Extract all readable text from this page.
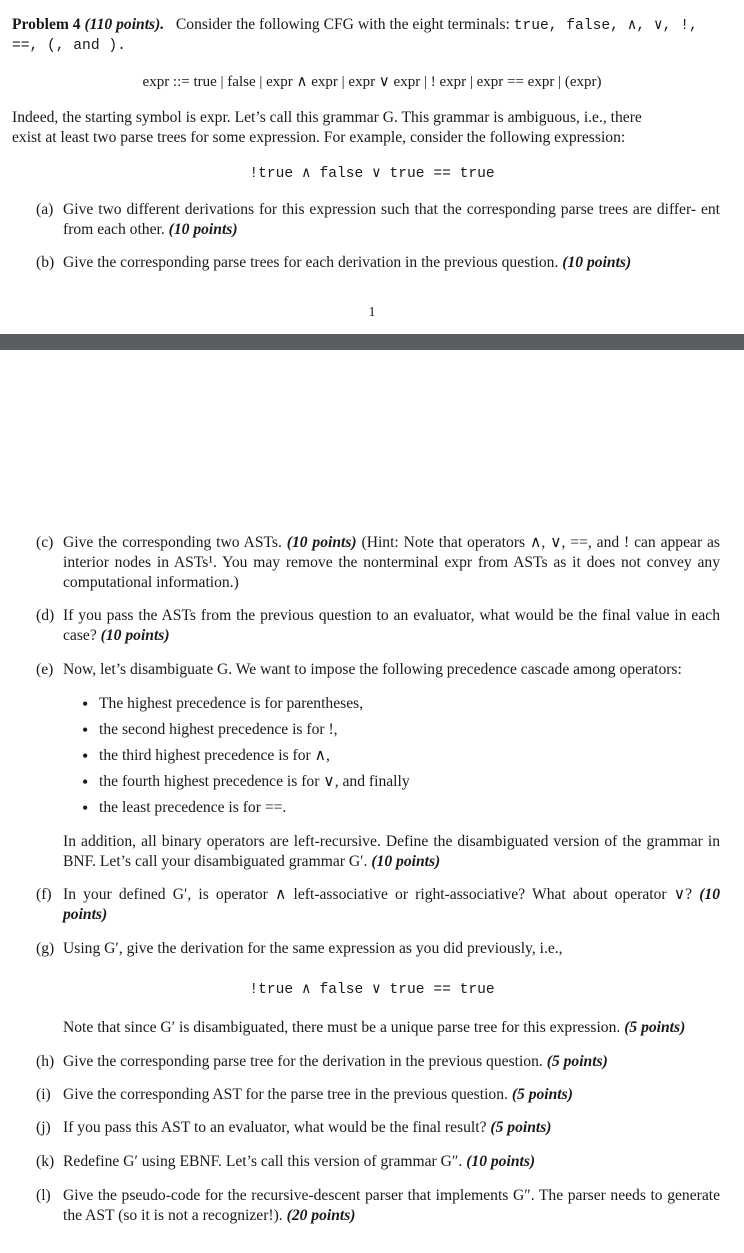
Problem 4 (110 points). Consider the following CFG with the eight terminals: true, false, ∧, ∨, !,
==, (, and ).
expr ::= true | false | expr ∧ expr | expr ∨ expr | ! expr | expr == expr | (expr)
Indeed, the starting symbol is expr. Let’s call this grammar G. This grammar is ambiguous, i.e., there
exist at least two parse trees for some expression. For example, consider the following expression:
!true ∧ false ∨ true == true
(a) Give two different derivations for this expression such that the corresponding parse trees are differ- ent from each other. (10 points)
(b) Give the corresponding parse trees for each derivation in the previous question. (10 points)
1
(c) Give the corresponding two ASTs. (10 points) (Hint: Note that operators ∧, ∨, ==, and ! can appear as interior nodes in ASTs¹. You may remove the nonterminal expr from ASTs as it does not convey any computational information.)
(d) If you pass the ASTs from the previous question to an evaluator, what would be the final value in each case? (10 points)
(e) Now, let’s disambiguate G. We want to impose the following precedence cascade among operators:
• The highest precedence is for parentheses,
• the second highest precedence is for !,
• the third highest precedence is for ∧,
• the fourth highest precedence is for ∨, and finally
• the least precedence is for ==.
In addition, all binary operators are left-recursive. Define the disambiguated version of the grammar in BNF. Let’s call your disambiguated grammar G′. (10 points)
(f) In your defined G′, is operator ∧ left-associative or right-associative? What about operator ∨? (10 points)
(g) Using G′, give the derivation for the same expression as you did previously, i.e.,
!true ∧ false ∨ true == true
Note that since G′ is disambiguated, there must be a unique parse tree for this expression. (5 points)
(h) Give the corresponding parse tree for the derivation in the previous question. (5 points)
(i) Give the corresponding AST for the parse tree in the previous question. (5 points)
(j) If you pass this AST to an evaluator, what would be the final result? (5 points)
(k) Redefine G′ using EBNF. Let’s call this version of grammar G″. (10 points)
(l) Give the pseudo-code for the recursive-descent parser that implements G″. The parser needs to generate the AST (so it is not a recognizer!). (20 points)
